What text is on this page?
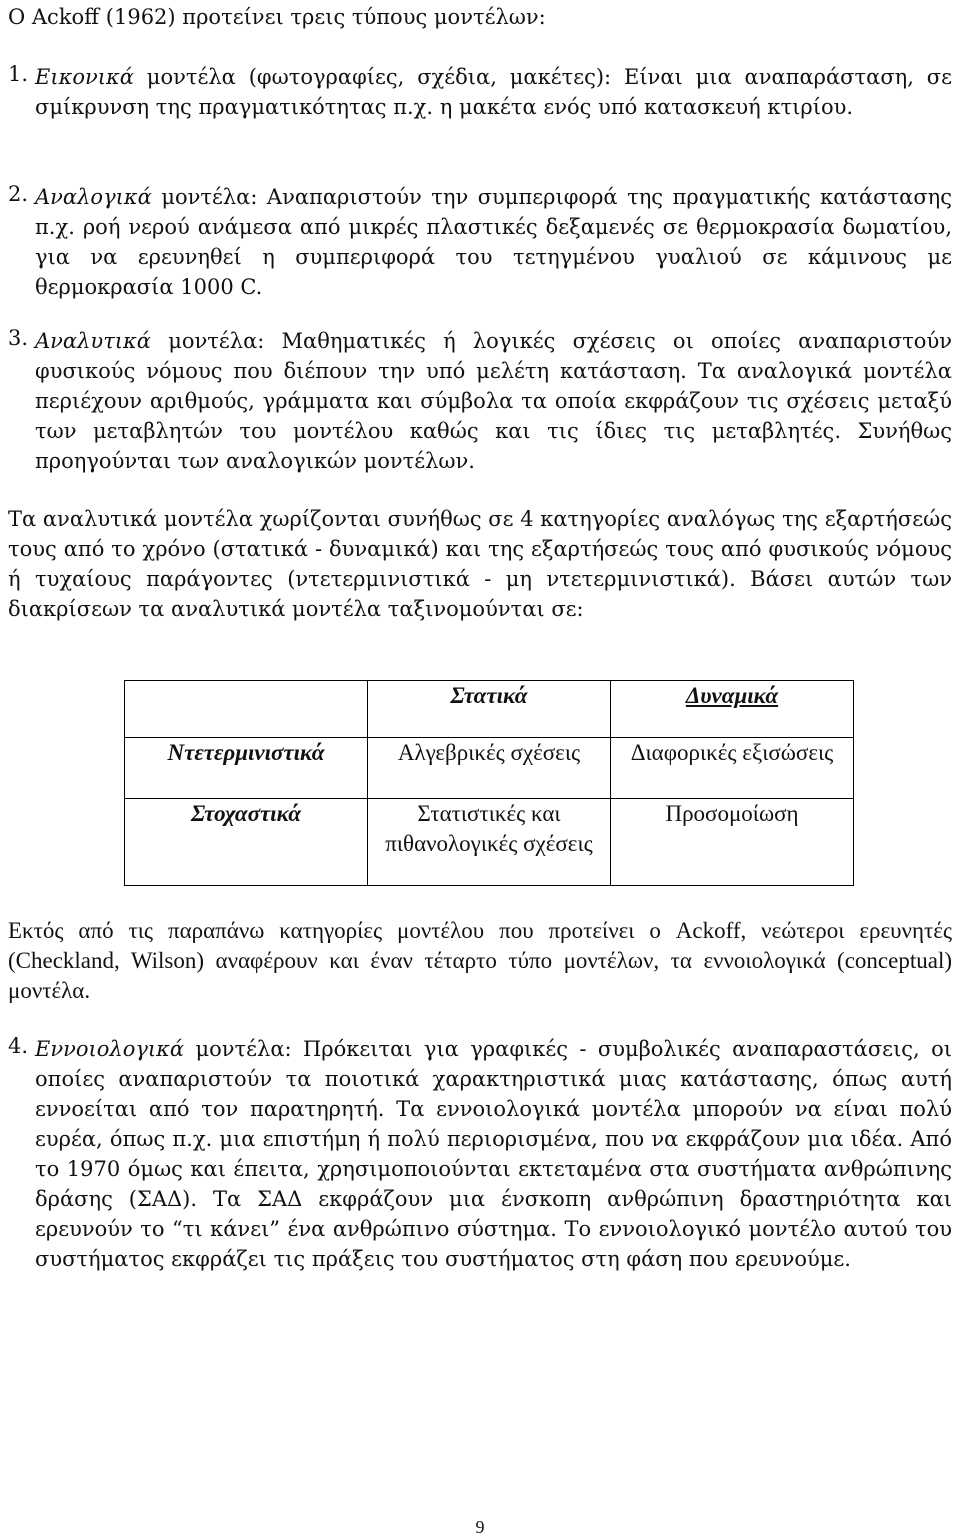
Ο Ackoff (1962) προτείνει τρεις τύπους μοντέλων:

1. Εικονικά μοντέλα (φωτογραφίες, σχέδια, μακέτες): Είναι μια αναπαράσταση, σε σμίκρυνση της πραγματικότητας π.χ. η μακέτα ενός υπό κατασκευή κτιρίου.

2. Αναλογικά μοντέλα: Αναπαριστούν την συμπεριφορά της πραγματικής κατάστασης π.χ. ροή νερού ανάμεσα από μικρές πλαστικές δεξαμενές σε θερμοκρασία δωματίου, για να ερευνηθεί η συμπεριφορά του τετηγμένου γυαλιού σε κάμινους με θερμοκρασία 1000 C.

3. Αναλυτικά μοντέλα: Μαθηματικές ή λογικές σχέσεις οι οποίες αναπαριστούν φυσικούς νόμους που διέπουν την υπό μελέτη κατάσταση. Τα αναλογικά μοντέλα περιέχουν αριθμούς, γράμματα και σύμβολα τα οποία εκφράζουν τις σχέσεις μεταξύ των μεταβλητών του μοντέλου καθώς και τις ίδιες τις μεταβλητές. Συνήθως προηγούνται των αναλογικών μοντέλων.

Τα αναλυτικά μοντέλα χωρίζονται συνήθως σε 4 κατηγορίες αναλόγως της εξαρτήσεώς τους από το χρόνο (στατικά - δυναμικά) και της εξαρτήσεώς τους από φυσικούς νόμους ή τυχαίους παράγοντες (ντετερμινιστικά - μη ντετερμινιστικά). Βάσει αυτών των διακρίσεων τα αναλυτικά μοντέλα ταξινομούνται σε:

	Στατικά	Δυναμικά
Ντετερμινιστικά	Αλγεβρικές σχέσεις	Διαφορικές εξισώσεις
Στοχαστικά	Στατιστικές και πιθανολογικές σχέσεις	Προσομοίωση

Εκτός από τις παραπάνω κατηγορίες μοντέλου που προτείνει ο Ackoff, νεώτεροι ερευνητές (Checkland, Wilson) αναφέρουν και έναν τέταρτο τύπο μοντέλων, τα εννοιολογικά (conceptual) μοντέλα.

4. Εννοιολογικά μοντέλα: Πρόκειται για γραφικές - συμβολικές αναπαραστάσεις, οι οποίες αναπαριστούν τα ποιοτικά χαρακτηριστικά μιας κατάστασης, όπως αυτή εννοείται από τον παρατηρητή. Τα εννοιολογικά μοντέλα μπορούν να είναι πολύ ευρέα, όπως π.χ. μια επιστήμη ή πολύ περιορισμένα, που να εκφράζουν μια ιδέα. Από το 1970 όμως και έπειτα, χρησιμοποιούνται εκτεταμένα στα συστήματα ανθρώπινης δράσης (ΣΑΔ). Τα ΣΑΔ εκφράζουν μια ένσκοπη ανθρώπινη δραστηριότητα και ερευνούν το “τι κάνει” ένα ανθρώπινο σύστημα. Το εννοιολογικό μοντέλο αυτού του συστήματος εκφράζει τις πράξεις του συστήματος στη φάση που ερευνούμε.

9
